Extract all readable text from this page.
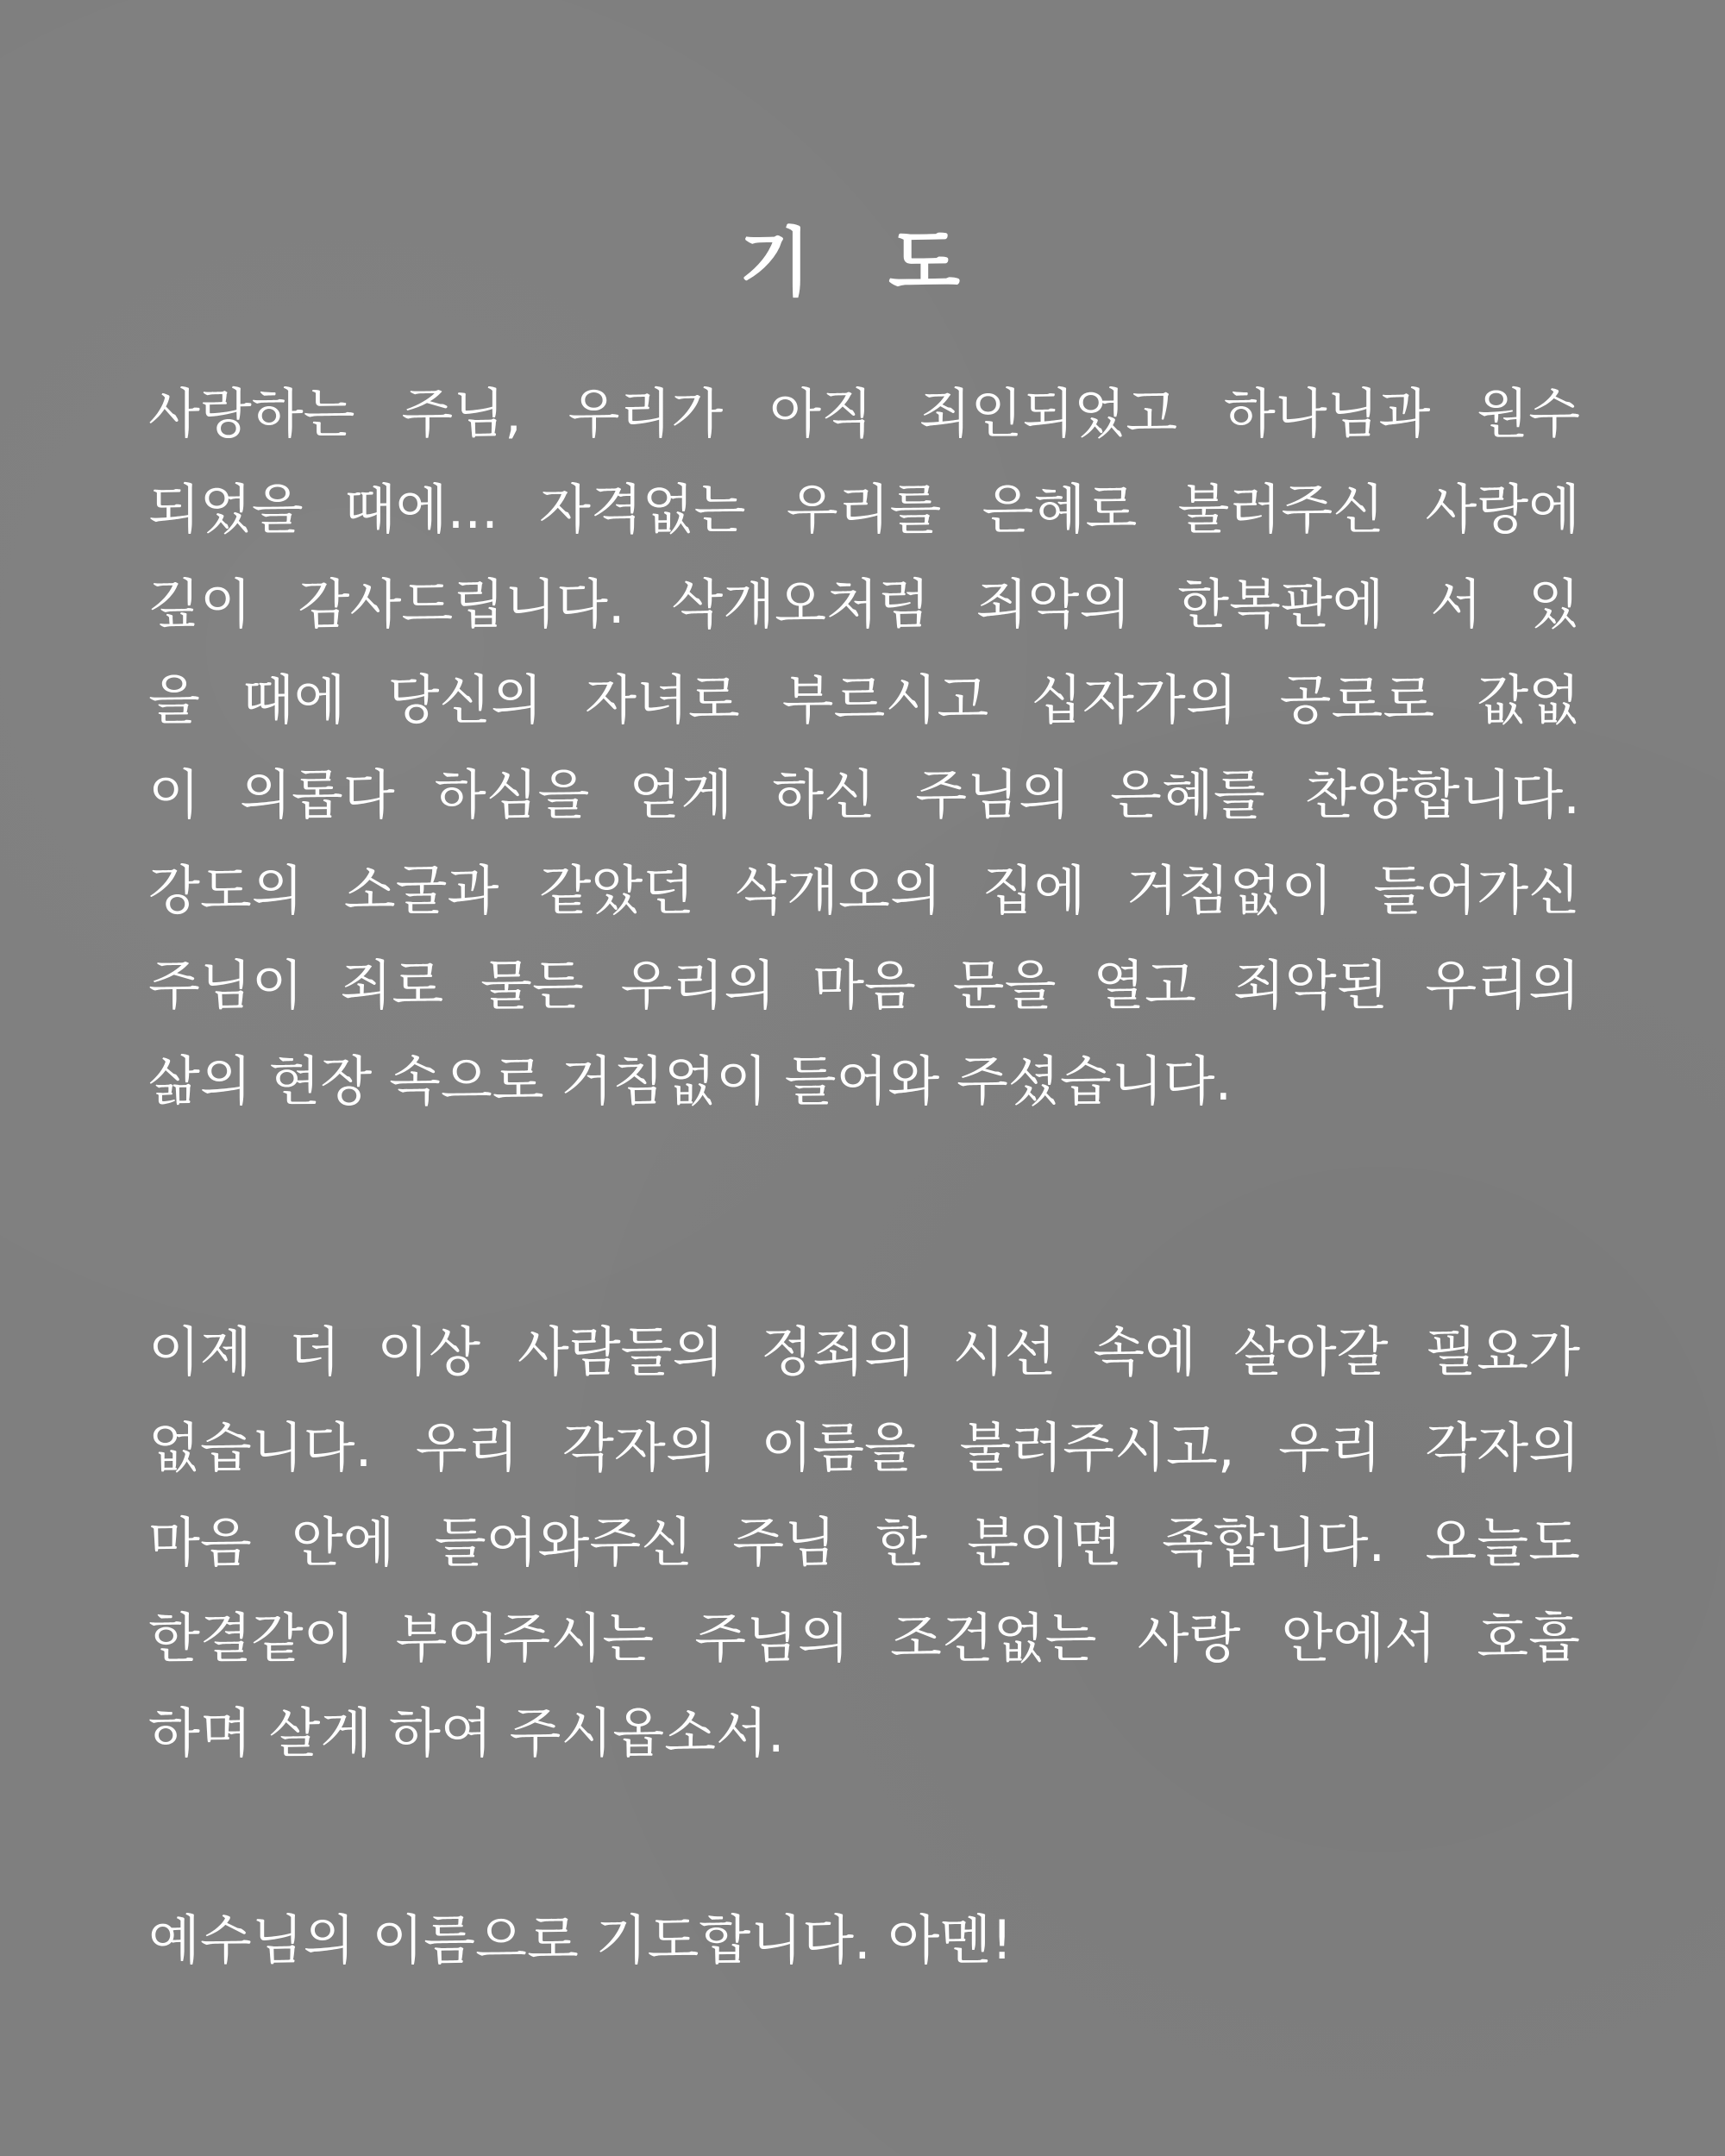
기 도
사랑하는 주님, 우리가 아직 죄인되었고 하나님과 원수
되었을 때에... 자격없는 우리를 은혜로 불러주신 사랑에
깊이 감사드립니다. 삭개오처럼 죄악의 한복판에 서 있
을 때에 당신의 자녀로 부르시고 십자가의 공로로 값없
이 의롭다 하심을 얻게 하신 주님의 은혜를 찬양합니다.
강도의 소굴과 같았던 삭개오의 집에 거침없이 들어가신
주님이 죄로 물든 우리의 마음 문을 열고 죄악된 우리의
삶의 현장 속으로 거침없이 들어와 주셨습니다.
이제 더 이상 사람들의 정죄의 시선 속에 살아갈 필요가
없습니다. 우리 각자의 이름을 불러주시고, 우리 각자의
마음 안에 들어와주신 주님 한 분이면 족합니다. 오늘도
한결같이 부어주시는 주님의 조건없는 사랑 안에서 호흡
하며 살게 하여 주시옵소서.
예수님의 이름으로 기도합니다. 아멘!
